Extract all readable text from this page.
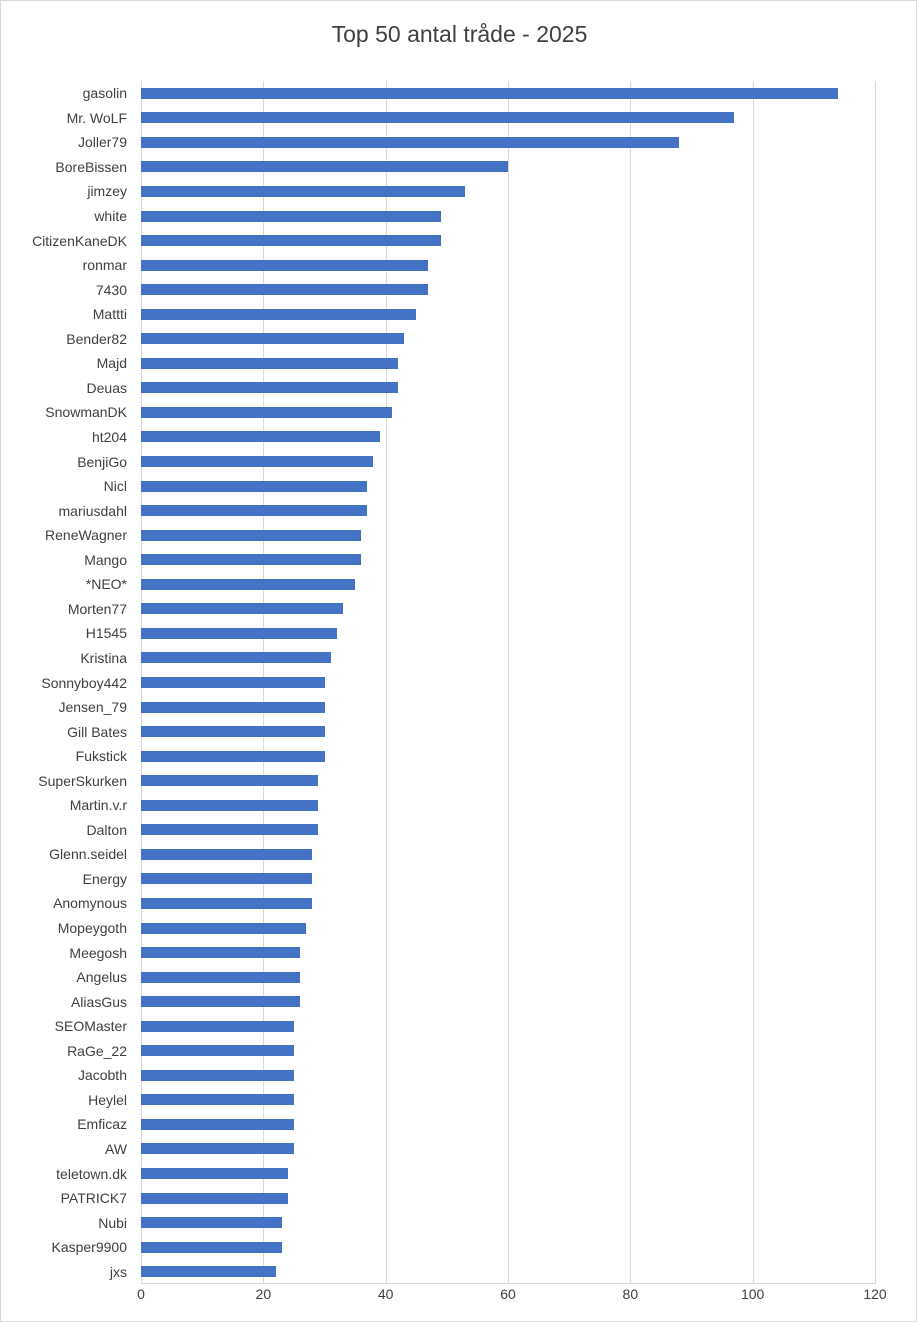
Top 50 antal tråde - 2025
gasolin
Mr. WoLF
Joller79
BoreBissen
jimzey
white
CitizenKaneDK
ronmar
7430
Mattti
Bender82
Majd
Deuas
SnowmanDK
ht204
BenjiGo
Nicl
mariusdahl
ReneWagner
Mango
*NEO*
Morten77
H1545
Kristina
Sonnyboy442
Jensen_79
Gill Bates
Fukstick
SuperSkurken
Martin.v.r
Dalton
Glenn.seidel
Energy
Anomynous
Mopeygoth
Meegosh
Angelus
AliasGus
SEOMaster
RaGe_22
Jacobth
Heylel
Emficaz
AW
teletown.dk
PATRICK7
Nubi
Kasper9900
jxs
0	20	40	60	80	100	120
